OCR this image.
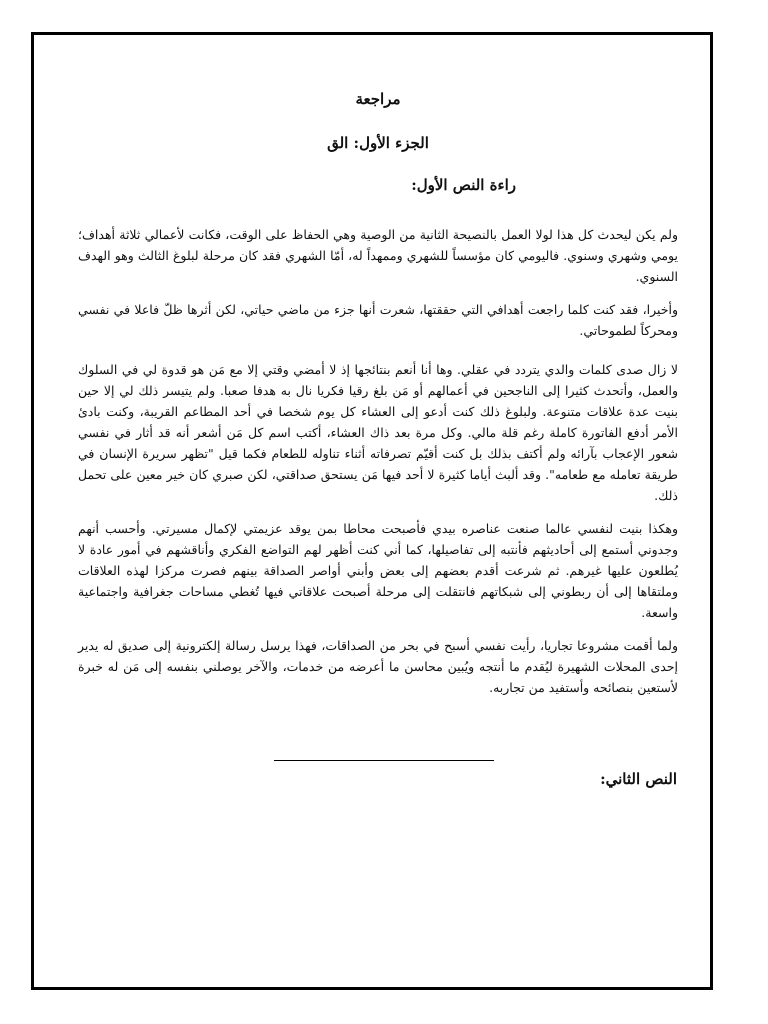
مراجعة
الجزء الأول: الق
راءة النص الأول:

ولم يكن ليحدث كل هذا لولا العمل بالنصيحة الثانية من الوصية وهي الحفاظ على الوقت، فكانت لأعمالي ثلاثة أهداف؛ يومي وشهري وسنوي. فاليومي كان مؤسساً للشهري وممهداً له، أمّا الشهري فقد كان مرحلة لبلوغ الثالث وهو الهدف السنوي.

وأخيرا، فقد كنت كلما راجعت أهدافي التي حققتها، شعرت أنها جزء من ماضي حياتي، لكن أثرها ظلّ فاعلا في نفسي ومحركاً لطموحاتي.

لا زال صدى كلمات والدي يتردد في عقلي. وها أنا أنعم بنتائجها إذ لا أمضي وقتي إلا مع مَن هو قدوة لي في السلوك والعمل، وأتحدث كثيرا إلى الناجحين في أعمالهم أو مَن بلغ رقيا فكريا نال به هدفا صعبا. ولم يتيسر ذلك لي إلا حين بنيت عدة علاقات متنوعة. ولبلوغ ذلك كنت أدعو إلى العشاء كل يوم شخصا في أحد المطاعم القريبة، وكنت بادئ الأمر أدفع الفاتورة كاملة رغم قلة مالي. وكل مرة بعد ذاك العشاء، أكتب اسم كل مَن أشعر أنه قد أثار في نفسي شعور الإعجاب بآرائه ولم أكتف بذلك بل كنت أقيّم تصرفاته أثناء تناوله للطعام فكما قيل "تظهر سريرة الإنسان في طريقة تعامله مع طعامه". وقد ألبث أياما كثيرة لا أحد فيها مَن يستحق صداقتي، لكن صبري كان خير معين على تحمل ذلك.

وهكذا بنيت لنفسي عالما صنعت عناصره بيدي فأصبحت محاطا بمن يوقد عزيمتي لإكمال مسيرتي. وأحسب أنهم وجدوني أستمع إلى أحاديثهم فأنتبه إلى تفاصيلها، كما أني كنت أظهر لهم التواضع الفكري وأناقشهم في أمور عادة لا يُطلعون عليها غيرهم. ثم شرعت أقدم بعضهم إلى بعض وأبني أواصر الصداقة بينهم فصرت مركزا لهذه العلاقات وملتقاها إلى أن ربطوني إلى شبكاتهم فانتقلت إلى مرحلة أصبحت علاقاتي فيها تُغطي مساحات جغرافية واجتماعية واسعة.

ولما أقمت مشروعا تجاريا، رأيت نفسي أسبح في بحر من الصداقات، فهذا يرسل رسالة إلكترونية إلى صديق له يدير إحدى المحلات الشهيرة ليُقدم ما أنتجه ويُبين محاسن ما أعرضه من خدمات، والآخر يوصلني بنفسه إلى مَن له خبرة لأستعين بنصائحه وأستفيد من تجاربه.

النص الثاني:
